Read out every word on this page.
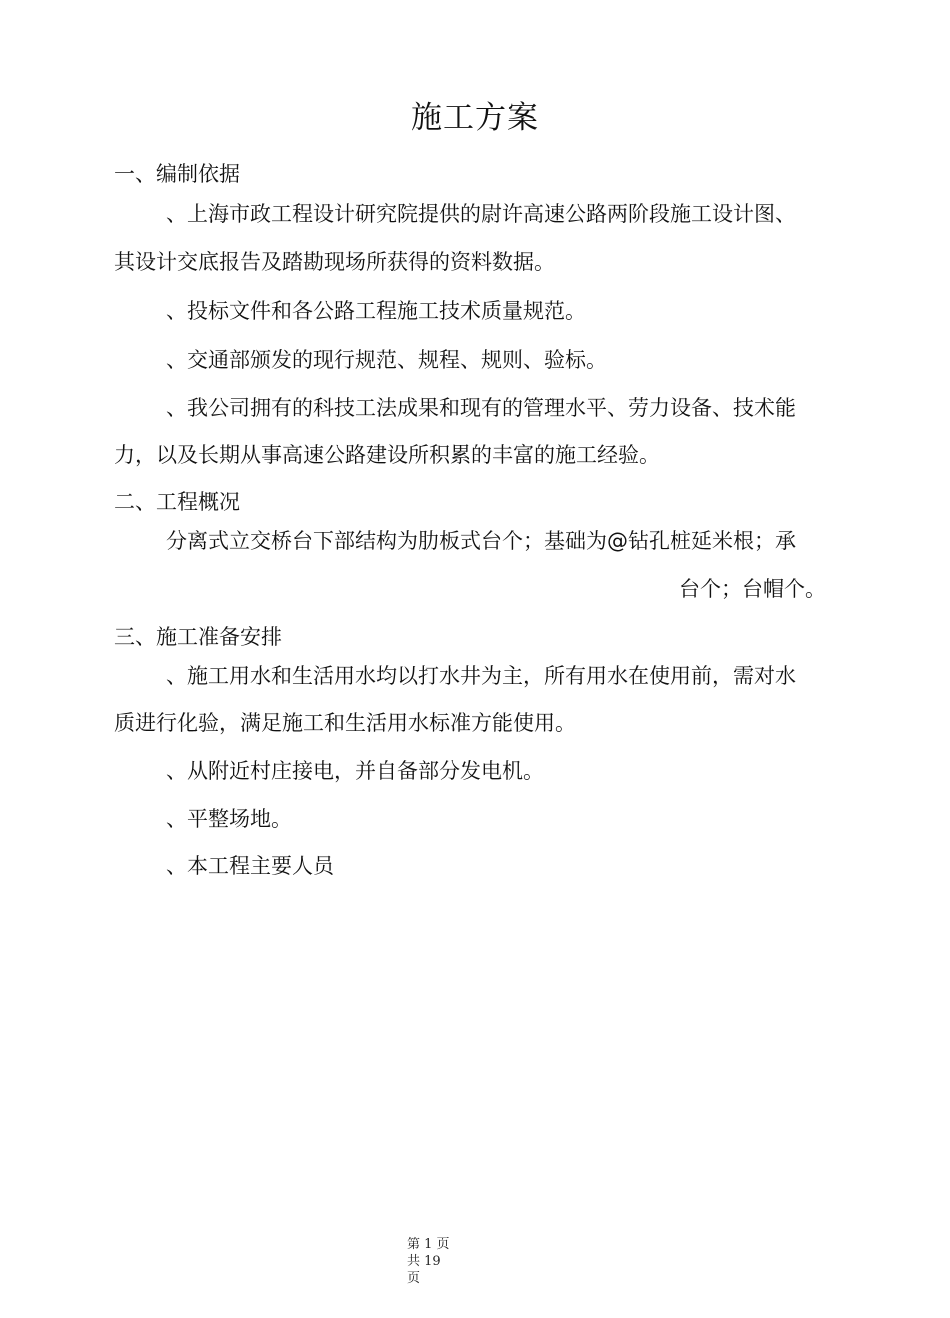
施工方案
一、编制依据
、上海市政工程设计研究院提供的尉许高速公路两阶段施工设计图、
其设计交底报告及踏勘现场所获得的资料数据。
、投标文件和各公路工程施工技术质量规范。
、交通部颁发的现行规范、规程、规则、验标。
、我公司拥有的科技工法成果和现有的管理水平、劳力设备、技术能
力，以及长期从事高速公路建设所积累的丰富的施工经验。
二、工程概况
分离式立交桥台下部结构为肋板式台个；基础为@钻孔桩延米根；承
台个；台帽个。
三、施工准备安排
、施工用水和生活用水均以打水井为主，所有用水在使用前，需对水
质进行化验，满足施工和生活用水标准方能使用。
、从附近村庄接电，并自备部分发电机。
、平整场地。
、本工程主要人员
第 1 页
共 19
页
